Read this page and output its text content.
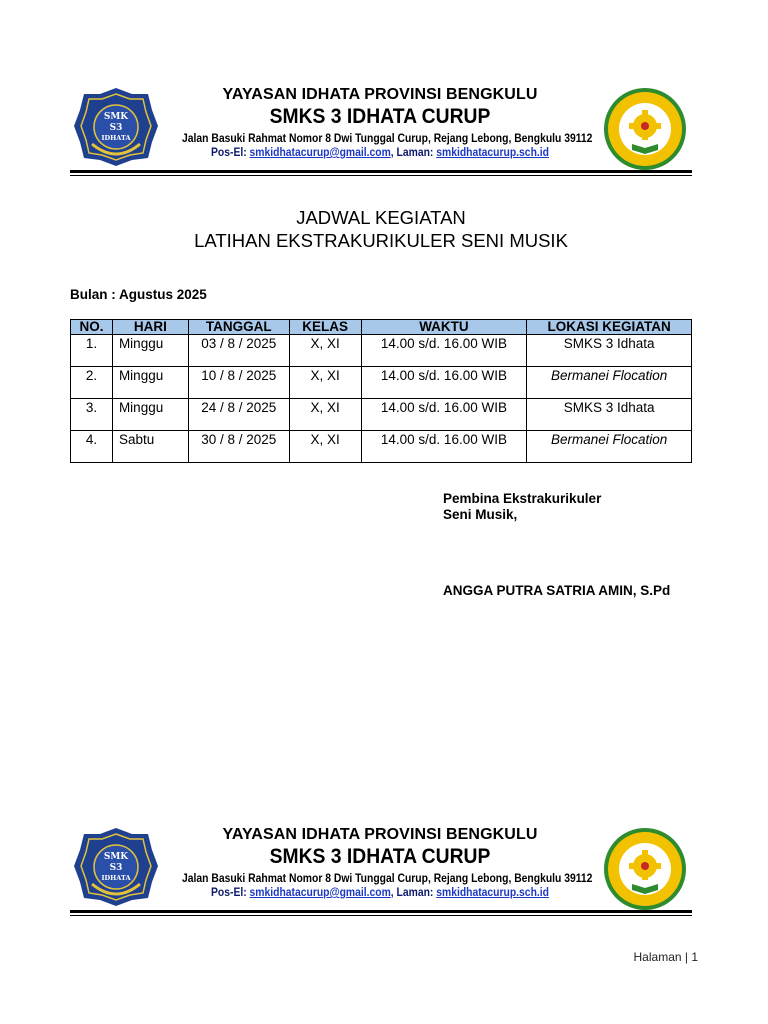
SMK
S3
IDHATA
YAYASAN IDHATA PROVINSI BENGKULU
SMKS 3 IDHATA CURUP
Jalan Basuki Rahmat Nomor 8 Dwi Tunggal Curup, Rejang Lebong, Bengkulu 39112
Pos-El: smkidhatacurup@gmail.com, Laman: smkidhatacurup.sch.id
JADWAL KEGIATAN
LATIHAN EKSTRAKURIKULER SENI MUSIK
Bulan : Agustus 2025
NO.	HARI	TANGGAL	KELAS	WAKTU	LOKASI KEGIATAN
1.	Minggu	03 / 8 / 2025	X, XI	14.00 s/d. 16.00 WIB	SMKS 3 Idhata
2.	Minggu	10 / 8 / 2025	X, XI	14.00 s/d. 16.00 WIB	Bermanei Flocation
3.	Minggu	24 / 8 / 2025	X, XI	14.00 s/d. 16.00 WIB	SMKS 3 Idhata
4.	Sabtu	30 / 8 / 2025	X, XI	14.00 s/d. 16.00 WIB	Bermanei Flocation
Pembina Ekstrakurikuler
Seni Musik,
ANGGA PUTRA SATRIA AMIN, S.Pd
SMK
S3
IDHATA
YAYASAN IDHATA PROVINSI BENGKULU
SMKS 3 IDHATA CURUP
Jalan Basuki Rahmat Nomor 8 Dwi Tunggal Curup, Rejang Lebong, Bengkulu 39112
Pos-El: smkidhatacurup@gmail.com, Laman: smkidhatacurup.sch.id
Halaman | 1
